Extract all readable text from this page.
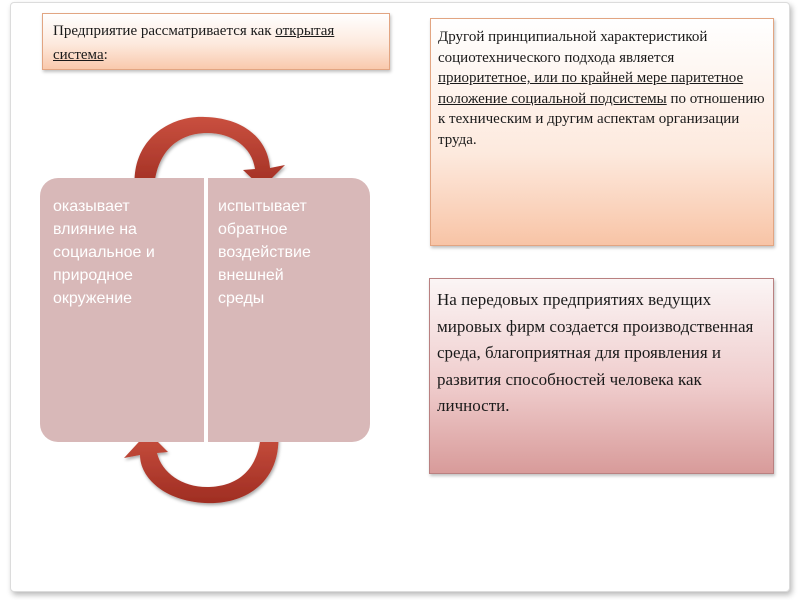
Предприятие рассматривается как открытая система:
оказывает
влияние на
социальное и
природное
окружение
испытывает
обратное
воздействие
внешней
среды
Другой принципиальной характеристикой социотехнического подхода является приоритетное, или по крайней мере паритетное положение социальной подсистемы по отношению к техническим и другим аспектам организации труда.
На передовых предприятиях ведущих мировых фирм создается производственная среда, благоприятная для проявления и развития способностей человека как личности.
